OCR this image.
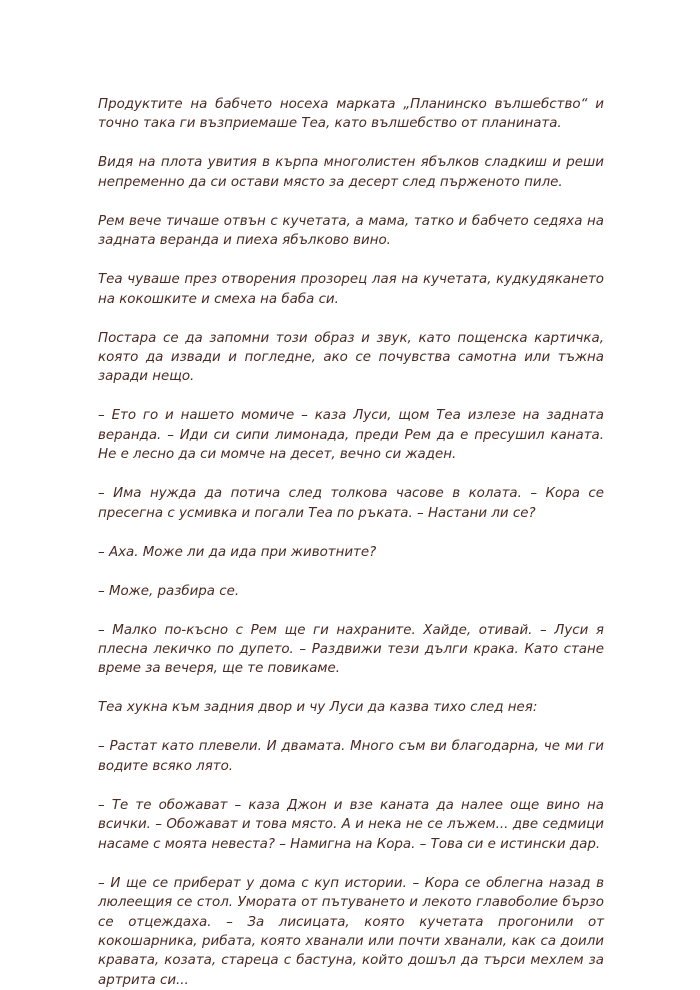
Продуктите на бабчето носеха марката „Планинско вълшебство“ и точно така ги възприемаше Теа, като вълшебство от планината.

Видя на плота увития в кърпа многолистен ябълков сладкиш и реши непременно да си остави място за десерт след пърженото пиле.

Рем вече тичаше отвън с кучетата, а мама, татко и бабчето седяха на задната веранда и пиеха ябълково вино.

Теа чуваше през отворения прозорец лая на кучетата, кудкудякането на кокошките и смеха на баба си.

Постара се да запомни този образ и звук, като пощенска картичка, която да извади и погледне, ако се почувства самотна или тъжна заради нещо.

– Ето го и нашето момиче – каза Луси, щом Теа излезе на задната веранда. – Иди си сипи лимонада, преди Рем да е пресушил каната. Не е лесно да си момче на десет, вечно си жаден.

– Има нужда да потича след толкова часове в колата. – Кора се пресегна с усмивка и погали Теа по ръката. – Настани ли се?

– Аха. Може ли да ида при животните?

– Може, разбира се.

– Малко по-късно с Рем ще ги нахраните. Хайде, отивай. – Луси я плесна лекичко по дупето. – Раздвижи тези дълги крака. Като стане време за вечеря, ще те повикаме.

Теа хукна към задния двор и чу Луси да казва тихо след нея:

– Растат като плевели. И двамата. Много съм ви благодарна, че ми ги водите всяко лято.

– Те те обожават – каза Джон и взе каната да налее още вино на всички. – Обожават и това място. А и нека не се лъжем... две седмици насаме с моята невеста? – Намигна на Кора. – Това си е истински дар.

– И ще се приберат у дома с куп истории. – Кора се облегна назад в люлеещия се стол. Умората от пътуването и лекото главоболие бързо се отцеждаха. – За лисицата, която кучетата прогонили от кокошарника, рибата, която хванали или почти хванали, как са доили кравата, козата, стареца с бастуна, който дошъл да търси мехлем за артрита си...
